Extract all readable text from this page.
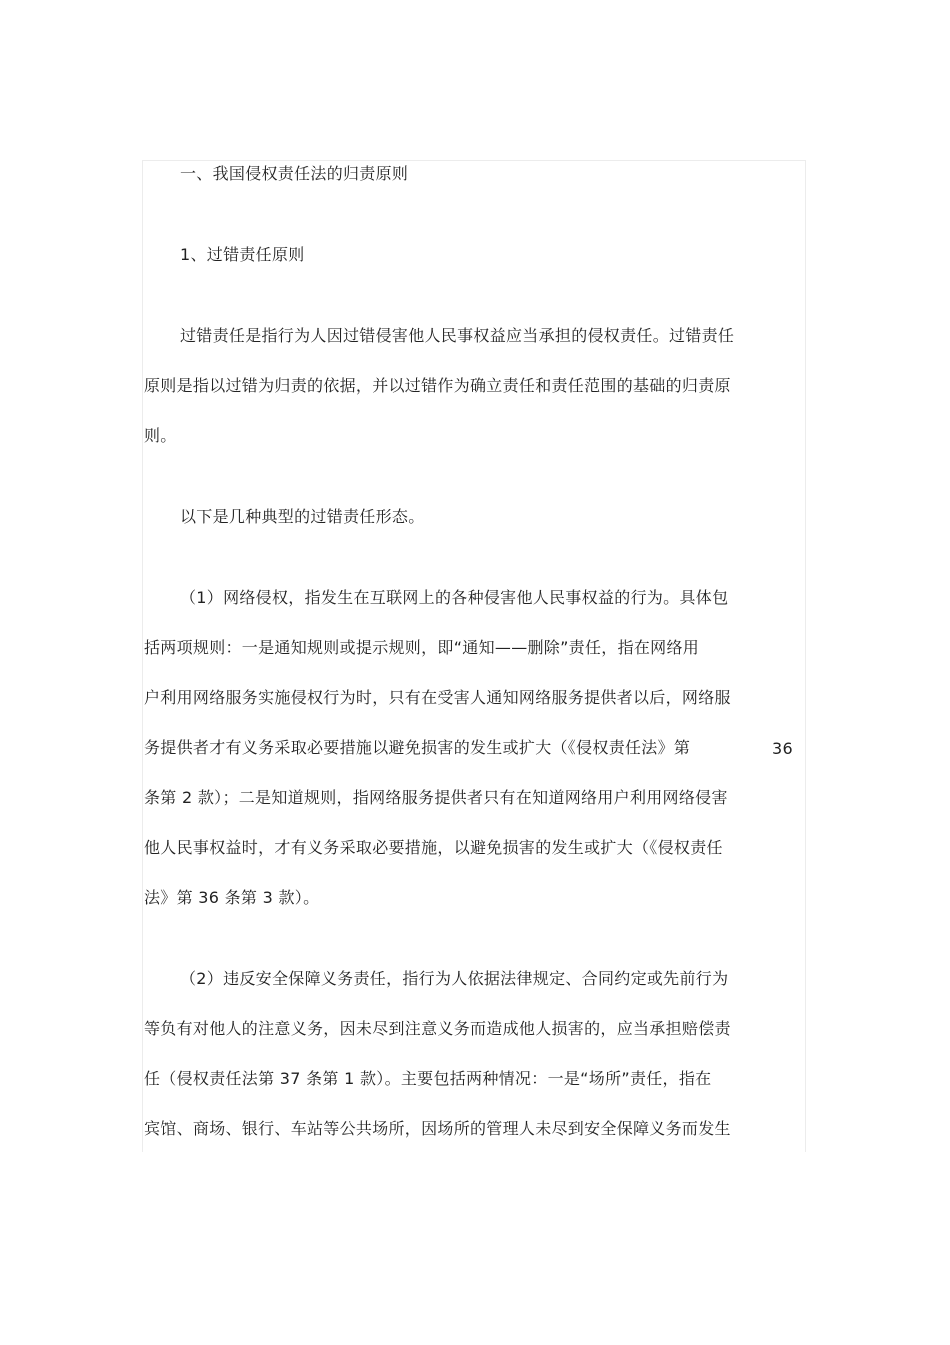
一、我国侵权责任法的归责原则
1、过错责任原则
过错责任是指行为人因过错侵害他人民事权益应当承担的侵权责任。过错责任
原则是指以过错为归责的依据，并以过错作为确立责任和责任范围的基础的归责原
则。
以下是几种典型的过错责任形态。
（1）网络侵权，指发生在互联网上的各种侵害他人民事权益的行为。具体包
括两项规则：一是通知规则或提示规则，即“通知——删除”责任，指在网络用
户利用网络服务实施侵权行为时，只有在受害人通知网络服务提供者以后，网络服
务提供者才有义务采取必要措施以避免损害的发生或扩大（《侵权责任法》第	36
条第 2 款）；二是知道规则，指网络服务提供者只有在知道网络用户利用网络侵害
他人民事权益时，才有义务采取必要措施，以避免损害的发生或扩大（《侵权责任
法》第 36 条第 3 款）。
（2）违反安全保障义务责任，指行为人依据法律规定、合同约定或先前行为
等负有对他人的注意义务，因未尽到注意义务而造成他人损害的，应当承担赔偿责
任（侵权责任法第 37 条第 1 款）。主要包括两种情况：一是“场所”责任，指在
宾馆、商场、银行、车站等公共场所，因场所的管理人未尽到安全保障义务而发生
